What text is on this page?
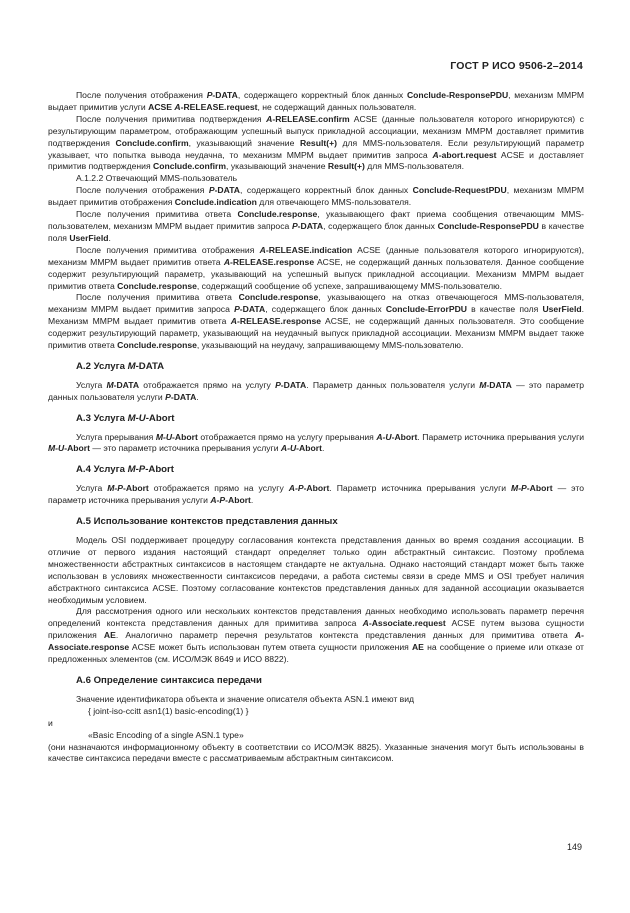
ГОСТ Р ИСО 9506-2–2014

После получения отображения P-DATA, содержащего корректный блок данных Conclude-ResponsePDU, механизм ММРМ выдает примитив услуги ACSE A-RELEASE.request, не содержащий данных пользователя.

После получения примитива подтверждения A-RELEASE.confirm ACSE (данные пользователя которого игнорируются) с результирующим параметром, отображающим успешный выпуск прикладной ассоциации, механизм ММРМ доставляет примитив подтверждения Conclude.confirm, указывающий значение Result(+) для MMS-пользователя. Если результирующий параметр указывает, что попытка вывода неудачна, то механизм ММРМ выдает примитив запроса A-abort.request ACSE и доставляет примитив подтверждения Conclude.confirm, указывающий значение Result(+) для MMS-пользователя.

А.1.2.2 Отвечающий MMS-пользователь

После получения отображения P-DATA, содержащего корректный блок данных Conclude-RequestPDU, механизм ММРМ выдает примитив отображения Conclude.indication для отвечающего MMS-пользователя.

После получения примитива ответа Conclude.response, указывающего факт приема сообщения отвечающим MMS-пользователем, механизм ММРМ выдает примитив запроса P-DATA, содержащего блок данных Conclude-ResponsePDU в качестве поля UserField.

После получения примитива отображения A-RELEASE.indication ACSE (данные пользователя которого игнорируются), механизм ММРМ выдает примитив ответа A-RELEASE.response ACSE, не содержащий данных пользователя. Данное сообщение содержит результирующий параметр, указывающий на успешный выпуск прикладной ассоциации. Механизм ММРМ выдает примитив ответа Conclude.response, содержащий сообщение об успехе, запрашивающему MMS-пользователю.

После получения примитива ответа Conclude.response, указывающего на отказ отвечающегося MMS-пользователя, механизм ММРМ выдает примитив запроса P-DATA, содержащего блок данных Conclude-ErrorPDU в качестве поля UserField. Механизм ММРМ выдает примитив ответа A-RELEASE.response ACSE, не содержащий данных пользователя. Это сообщение содержит результирующий параметр, указывающий на неудачный выпуск прикладной ассоциации. Механизм ММРМ выдает также примитив ответа Conclude.response, указывающий на неудачу, запрашивающему MMS-пользователю.

А.2 Услуга M-DATA

Услуга M-DATA отображается прямо на услугу P-DATA. Параметр данных пользователя услуги M-DATA — это параметр данных пользователя услуги P-DATA.

А.3 Услуга M-U-Abort

Услуга прерывания M-U-Abort отображается прямо на услугу прерывания A-U-Abort. Параметр источника прерывания услуги M-U-Abort — это параметр источника прерывания услуги A-U-Abort.

А.4 Услуга M-P-Abort

Услуга M-P-Abort отображается прямо на услугу A-P-Abort. Параметр источника прерывания услуги M-P-Abort — это параметр источника прерывания услуги A-P-Abort.

А.5 Использование контекстов представления данных

Модель OSI поддерживает процедуру согласования контекста представления данных во время создания ассоциации. В отличие от первого издания настоящий стандарт определяет только один абстрактный синтаксис. Поэтому проблема множественности абстрактных синтаксисов в настоящем стандарте не актуальна. Однако настоящий стандарт может быть также использован в условиях множественности синтаксисов передачи, а работа системы связи в среде MMS и OSI требует наличия абстрактного синтаксиса ACSE. Поэтому согласование контекстов представления данных для заданной ассоциации оказывается необходимым условием.

Для рассмотрения одного или нескольких контекстов представления данных необходимо использовать параметр перечня определений контекста представления данных для примитива запроса A-Associate.request ACSE путем вызова сущности приложения AE. Аналогично параметр перечня результатов контекста представления данных для примитива ответа A-Associate.response ACSE может быть использован путем ответа сущности приложения AE на сообщение о приеме или отказе от предложенных элементов (см. ИСО/МЭК 8649 и ИСО 8822).

А.6 Определение синтаксиса передачи

Значение идентификатора объекта и значение описателя объекта ASN.1 имеют вид

{ joint-iso-ccitt asn1(1) basic-encoding(1) }

и

«Basic Encoding of a single ASN.1 type»

(они назначаются информационному объекту в соответствии со ИСО/МЭК 8825). Указанные значения могут быть использованы в качестве синтаксиса передачи вместе с рассматриваемым абстрактным синтаксисом.

149
